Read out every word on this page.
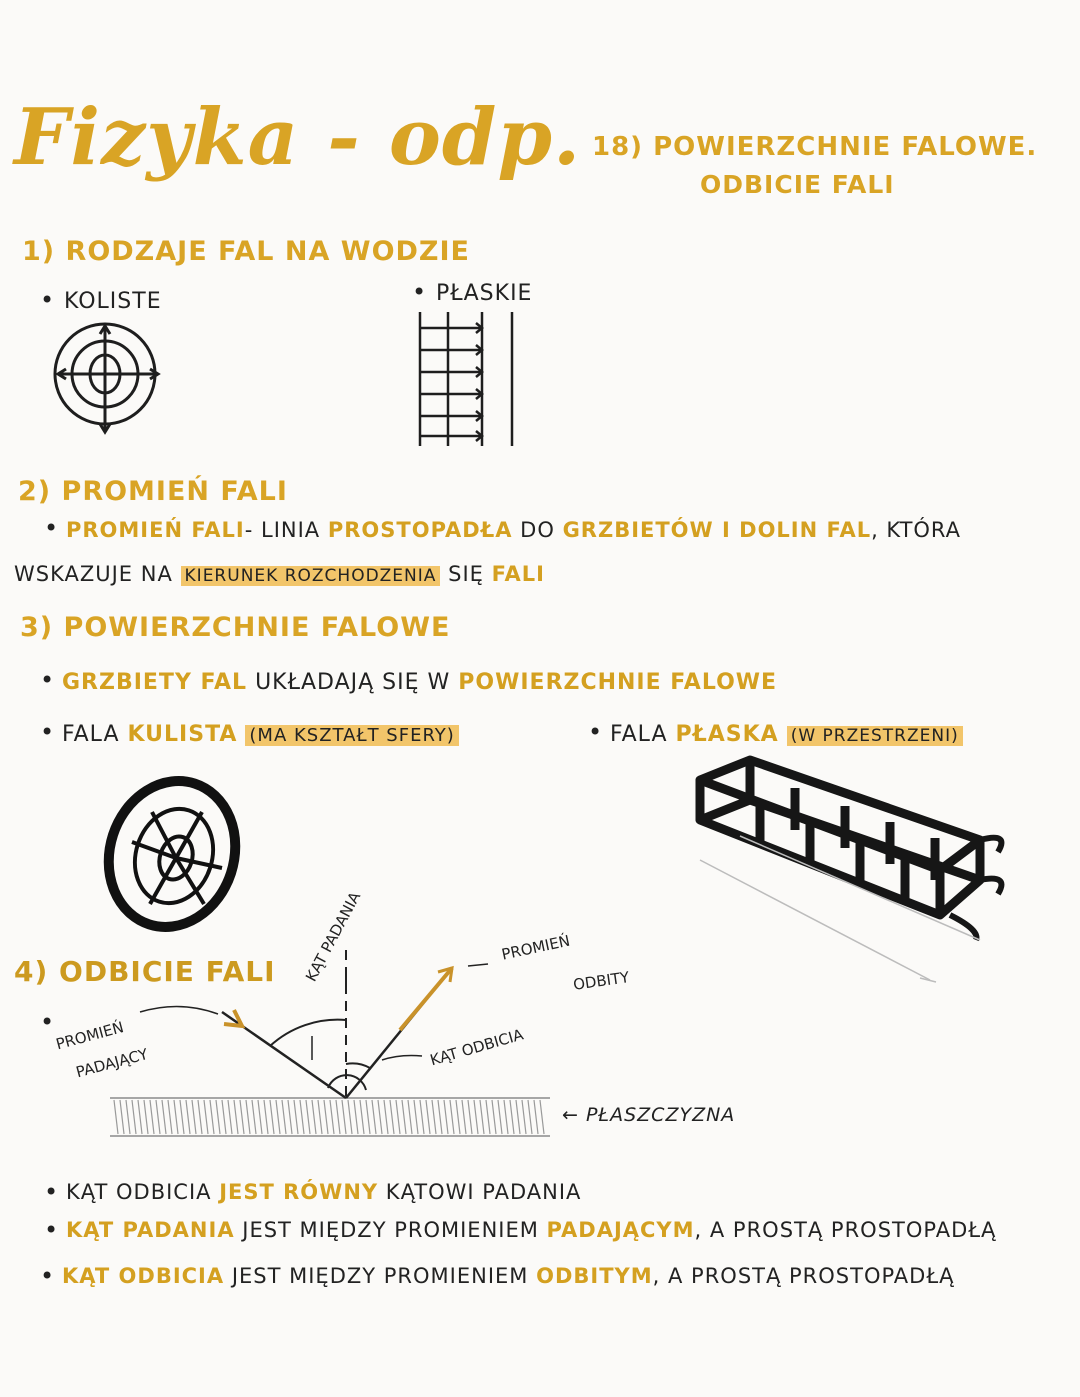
Fizyka - odp. 18) POWIERZCHNIE FALOWE.
ODBICIE FALI
1) RODZAJE FAL NA WODZIE
• KOLISTE	• PŁASKIE
2) PROMIEŃ FALI
• PROMIEŃ FALI- LINIA PROSTOPADŁA DO GRZBIETÓW I DOLIN FAL, KTÓRA
WSKAZUJE NA KIERUNEK ROZCHODZENIA SIĘ FALI
3) POWIERZCHNIE FALOWE
• GRZBIETY FAL UKŁADAJĄ SIĘ W POWIERZCHNIE FALOWE
• FALA KULISTA (MA KSZTAŁT SFERY)	• FALA PŁASKA (W PRZESTRZENI)
4) ODBICIE FALI
• PROMIEŃ
PADAJĄCY
KĄT PADANIA	PROMIEŃ
ODBITY
KĄT ODBICIA
← PŁASZCZYZNA
• KĄT ODBICIA JEST RÓWNY KĄTOWI PADANIA
• KĄT PADANIA JEST MIĘDZY PROMIENIEM PADAJĄCYM, A PROSTĄ PROSTOPADŁĄ
• KĄT ODBICIA JEST MIĘDZY PROMIENIEM ODBITYM, A PROSTĄ PROSTOPADŁĄ
